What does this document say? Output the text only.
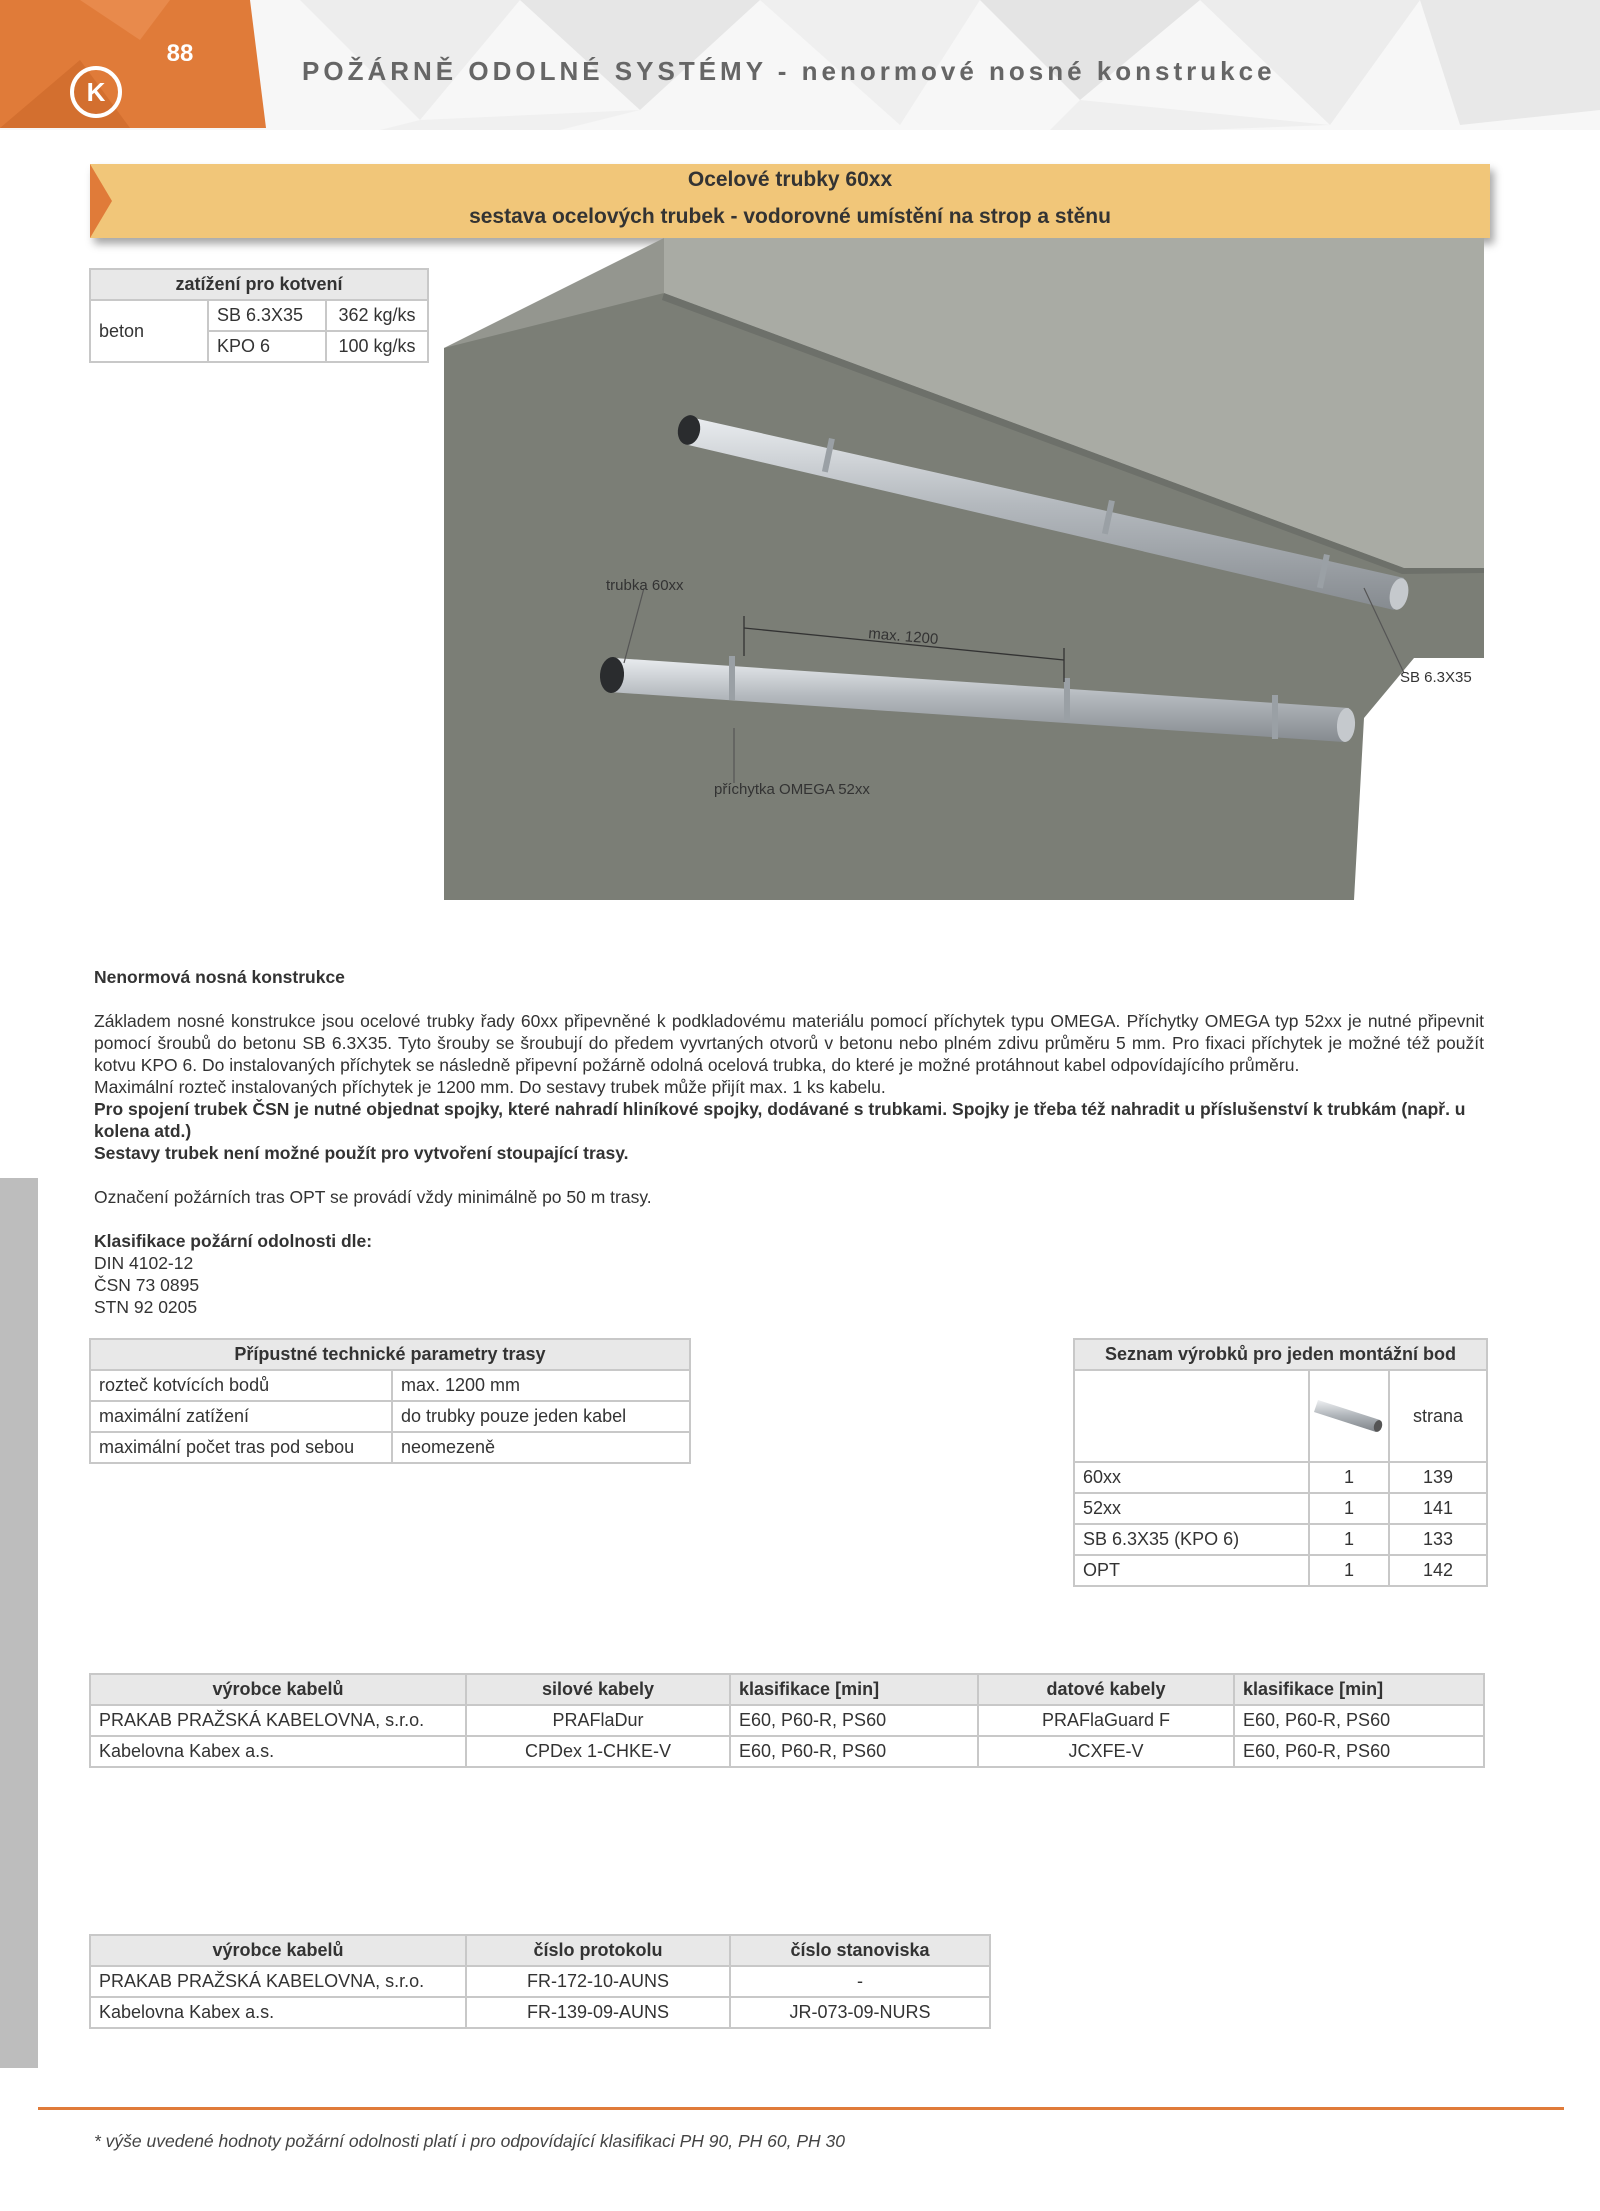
K
88
POŽÁRNĚ ODOLNÉ SYSTÉMY - nenormové nosné konstrukce
Ocelové trubky 60xx
sestava ocelových trubek - vodorovné umístění na strop a stěnu
zatížení pro kotvení		
beton	SB 6.3X35	362 kg/ks
	KPO 6	100 kg/ks
trubka 60xx
max. 1200
SB 6.3X35
příchytka OMEGA 52xx

Nenormová nosná konstrukce

Základem nosné konstrukce jsou ocelové trubky řady 60xx připevněné k podkladovému materiálu pomocí příchytek typu OMEGA. Příchytky OMEGA typ 52xx je nutné připevnit pomocí šroubů do betonu SB 6.3X35. Tyto šrouby se šroubují do předem vyvrtaných otvorů v betonu nebo plném zdivu průměru 5 mm. Pro fixaci příchytek je možné též použít kotvu KPO 6. Do instalovaných příchytek se následně připevní požárně odolná ocelová trubka, do které je možné protáhnout kabel odpovídajícího průměru.

Maximální rozteč instalovaných příchytek je 1200 mm. Do sestavy trubek může přijít max. 1 ks kabelu.

Pro spojení trubek ČSN je nutné objednat spojky, které nahradí hliníkové spojky, dodávané s trubkami. Spojky je třeba též nahradit u příslušenství k trubkám (např. u kolena atd.)

Sestavy trubek není možné použít pro vytvoření stoupající trasy.

Označení požárních tras OPT se provádí vždy minimálně po 50 m trasy.

Klasifikace požární odolnosti dle:

DIN 4102-12

ČSN 73 0895

STN 92 0205

Přípustné technické parametry trasy	
rozteč kotvících bodů	max. 1200 mm
maximální zatížení	do trubky pouze jeden kabel
maximální počet tras pod sebou	neomezeně
Seznam výrobků pro jeden montážní bod		
		strana
60xx	1	139
52xx	1	141
SB 6.3X35 (KPO 6)	1	133
OPT	1	142
výrobce kabelů	silové kabely	klasifikace [min]	datové kabely	klasifikace [min]
PRAKAB PRAŽSKÁ KABELOVNA, s.r.o.	PRAFlaDur	E60, P60-R, PS60	PRAFlaGuard F	E60, P60-R, PS60
Kabelovna Kabex a.s.	CPDex 1-CHKE-V	E60, P60-R, PS60	JCXFE-V	E60, P60-R, PS60
výrobce kabelů	číslo protokolu	číslo stanoviska
PRAKAB PRAŽSKÁ KABELOVNA, s.r.o.	FR-172-10-AUNS	-
Kabelovna Kabex a.s.	FR-139-09-AUNS	JR-073-09-NURS
* výše uvedené hodnoty požární odolnosti platí i pro odpovídající klasifikaci PH 90, PH 60, PH 30
